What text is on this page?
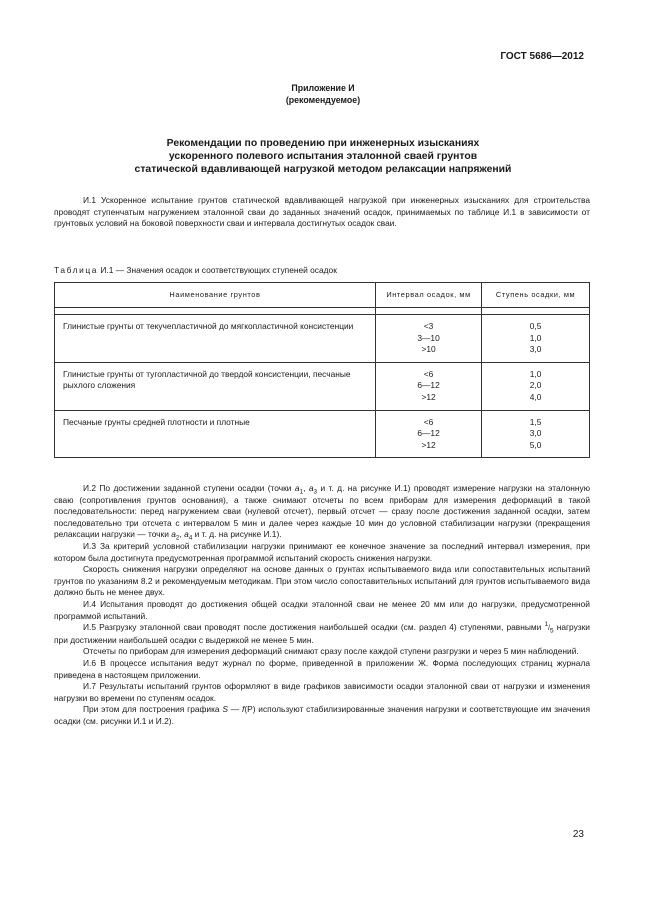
ГОСТ 5686—2012
Приложение И
(рекомендуемое)
Рекомендации по проведению при инженерных изысканиях
ускоренного полевого испытания эталонной сваей грунтов
статической вдавливающей нагрузкой методом релаксации напряжений

И.1 Ускоренное испытание грунтов статической вдавливающей нагрузкой при инженерных изысканиях для строительства проводят ступенчатым нагружением эталонной сваи до заданных значений осадок, принимаемых по таблице И.1 в зависимости от грунтовых условий на боковой поверхности сваи и интервала достигнутых осадок сваи.

Таблица И.1 — Значения осадок и соответствующих ступеней осадок
Наименование грунтов	Интервал осадок, мм	Ступень осадки, мм

Глинистые грунты от текучепластичной до мягкопластичной консистенции	<3
3—10
>10	0,5
1,0
3,0

Глинистые грунты от тугопластичной до твердой консистенции, песчаные рыхлого сложения	<6
6—12
>12	1,0
2,0
4,0

Песчаные грунты средней плотности и плотные	<6
6—12
>12	1,5
3,0
5,0

И.2 По достижении заданной ступени осадки (точки $a_1$, $a_3$ и т. д. на рисунке И.1) проводят измерение нагрузки на эталонную сваю (сопротивления грунтов основания), а также снимают отсчеты по всем приборам для измерения деформаций в такой последовательности: перед нагружением сваи (нулевой отсчет), первый отсчет — сразу после достижения заданной осадки, затем последовательно три отсчета с интервалом 5 мин и далее через каждые 10 мин до условной стабилизации нагрузки (прекращения релаксации нагрузки — точки $a_2$, $a_4$ и т. д. на рисунке И.1).

И.3 За критерий условной стабилизации нагрузки принимают ее конечное значение за последний интервал измерения, при котором была достигнута предусмотренная программой испытаний скорость снижения нагрузки.

Скорость снижения нагрузки определяют на основе данных о грунтах испытываемого вида или сопоставительных испытаний грунтов по указаниям 8.2 и рекомендуемым методикам. При этом число сопоставительных испытаний для грунтов испытываемого вида должно быть не менее двух.

И.4 Испытания проводят до достижения общей осадки эталонной сваи не менее 20 мм или до нагрузки, предусмотренной программой испытаний.

И.5 Разгрузку эталонной сваи проводят после достижения наибольшей осадки (см. раздел 4) ступенями, равными $^1/_5$ нагрузки при достижении наибольшей осадки с выдержкой не менее 5 мин.

Отсчеты по приборам для измерения деформаций снимают сразу после каждой ступени разгрузки и через 5 мин наблюдений.

И.6 В процессе испытания ведут журнал по форме, приведенной в приложении Ж. Форма последующих страниц журнала приведена в настоящем приложении.

И.7 Результаты испытаний грунтов оформляют в виде графиков зависимости осадки эталонной сваи от нагрузки и изменения нагрузки во времени по ступеням осадок.

При этом для построения графика S — f(P) используют стабилизированные значения нагрузки и соответствующие им значения осадки (см. рисунки И.1 и И.2).

23
